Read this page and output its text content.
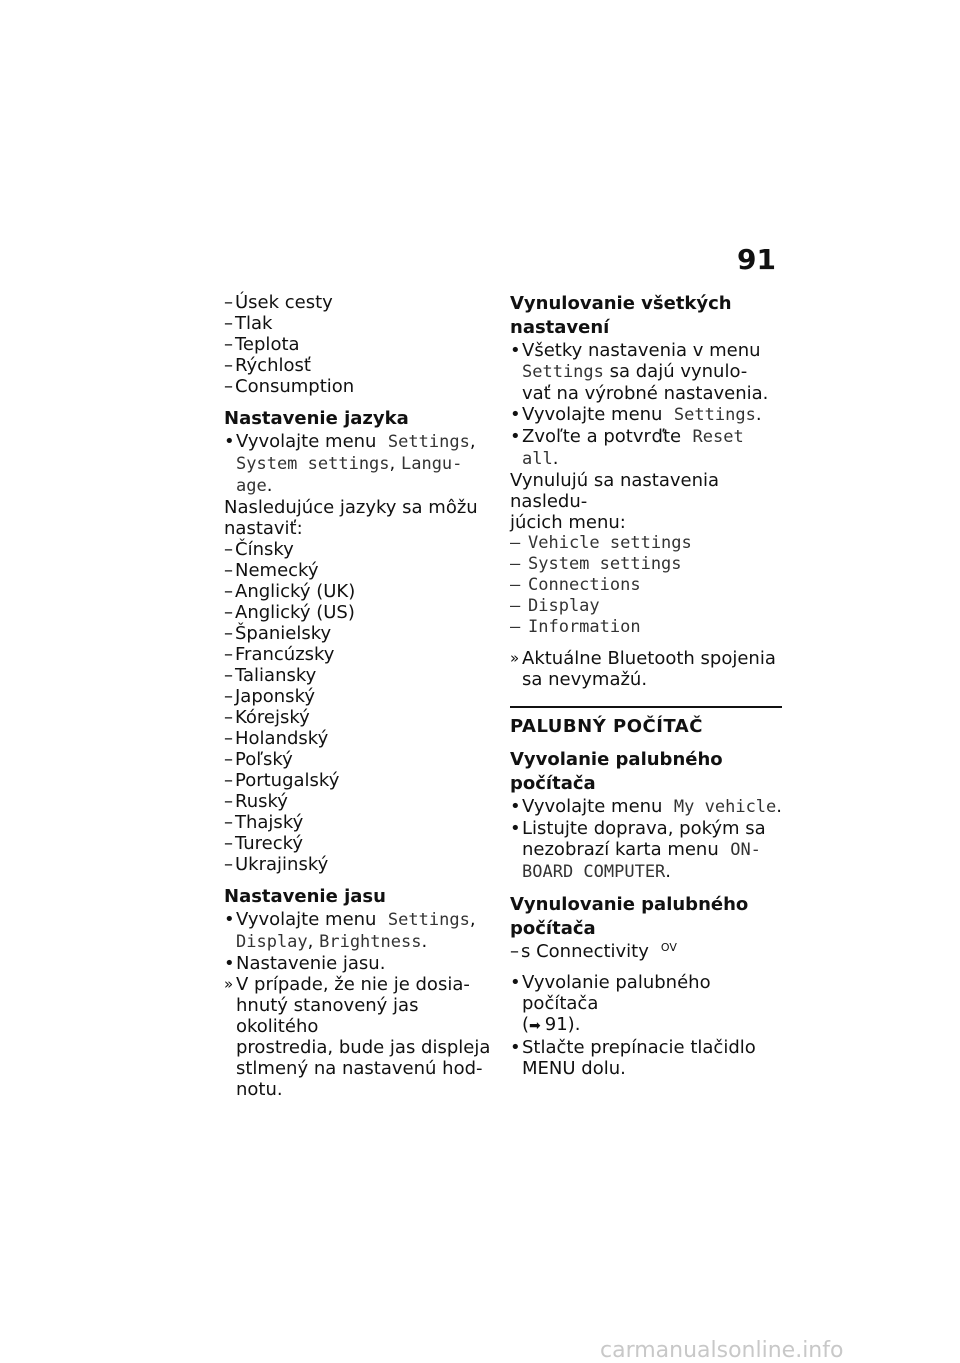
91
– Úsek cesty
– Tlak
– Teplota
– Rýchlosť
– Consumption
Nastavenie jazyka
• Vyvolajte menu Settings,
System settings, Langu-
age.
Nasledujúce jazyky sa môžu
nastaviť:
– Čínsky
– Nemecký
– Anglický (UK)
– Anglický (US)
– Španielsky
– Francúzsky
– Taliansky
– Japonský
– Kórejský
– Holandský
– Poľský
– Portugalský
– Ruský
– Thajský
– Turecký
– Ukrajinský
Nastavenie jasu
• Vyvolajte menu Settings,
Display, Brightness.
• Nastavenie jasu.
» V prípade, že nie je dosia-
hnutý stanovený jas okolitého
prostredia, bude jas displeja
stlmený na nastavenú hod-
notu.
Vynulovanie všetkých
nastavení
• Všetky nastavenia v menu
Settings sa dajú vynulo-
vať na výrobné nastavenia.
• Vyvolajte menu Settings.
• Zvoľte a potvrďte Reset
all.
Vynulujú sa nastavenia nasledu-
júcich menu:
– Vehicle settings
– System settings
– Connections
– Display
– Information
» Aktuálne Bluetooth spojenia
sa nevymažú.
PALUBNÝ POČÍTAČ
Vyvolanie palubného počítača
• Vyvolajte menu My vehicle.
• Listujte doprava, pokým sa
nezobrazí karta menu ON-
BOARD COMPUTER.
Vynulovanie palubného
počítača
– s Connectivity $^{OV}$
• Vyvolanie palubného počítača
(➡ 91).
• Stlačte prepínacie tlačidlo
MENU dolu.
carmanualsonline.info
